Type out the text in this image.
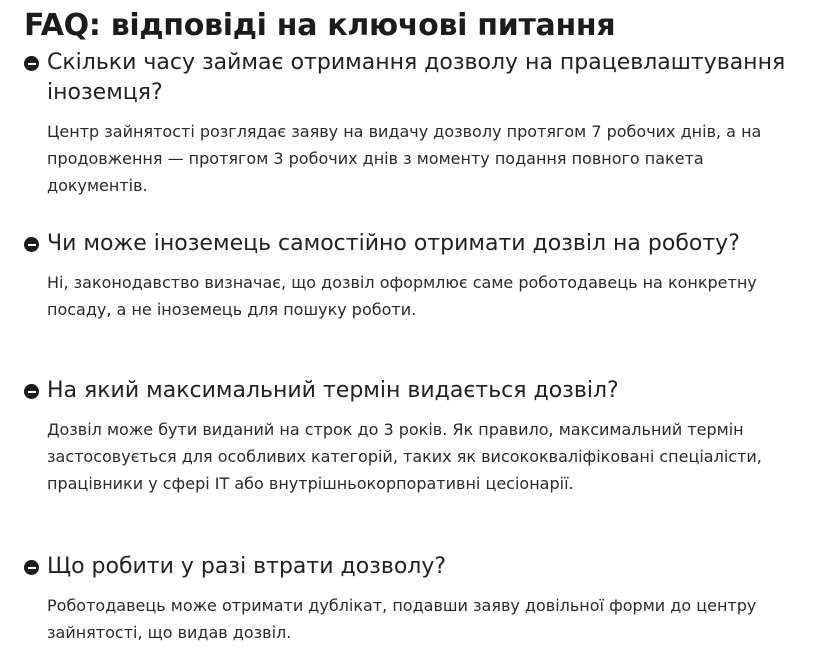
FAQ: відповіді на ключові питання
Скільки часу займає отримання дозволу на працевлаштування іноземця?
Центр зайнятості розглядає заяву на видачу дозволу протягом 7 робочих днів, а на продовження — протягом 3 робочих днів з моменту подання повного пакета документів.
Чи може іноземець самостійно отримати дозвіл на роботу?
Ні, законодавство визначає, що дозвіл оформлює саме роботодавець на конкретну посаду, а не іноземець для пошуку роботи.
На який максимальний термін видається дозвіл?
Дозвіл може бути виданий на строк до 3 років. Як правило, максимальний термін застосовується для особливих категорій, таких як висококваліфіковані спеціалісти, працівники у сфері IT або внутрішньокорпоративні цесіонарії.
Що робити у разі втрати дозволу?
Роботодавець може отримати дублікат, подавши заяву довільної форми до центру зайнятості, що видав дозвіл.
